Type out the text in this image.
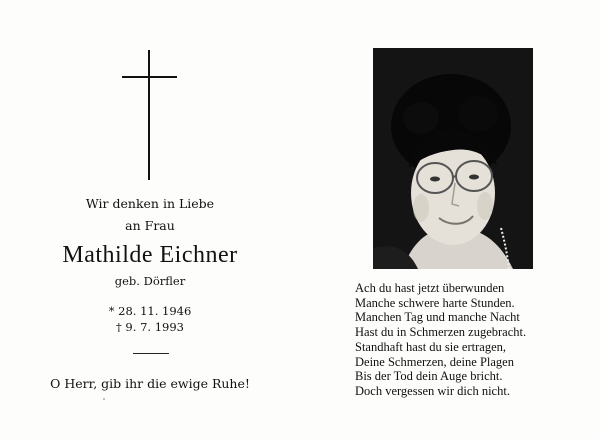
Wir denken in Liebe
an Frau
Mathilde Eichner
geb. Dörfler
* 28. 11. 1946
† 9. 7. 1993
O Herr, gib ihr die ewige Ruhe!
Ach du hast jetzt überwunden
Manche schwere harte Stunden.
Manchen Tag und manche Nacht
Hast du in Schmerzen zugebracht.
Standhaft hast du sie ertragen,
Deine Schmerzen, deine Plagen
Bis der Tod dein Auge bricht.
Doch vergessen wir dich nicht.
